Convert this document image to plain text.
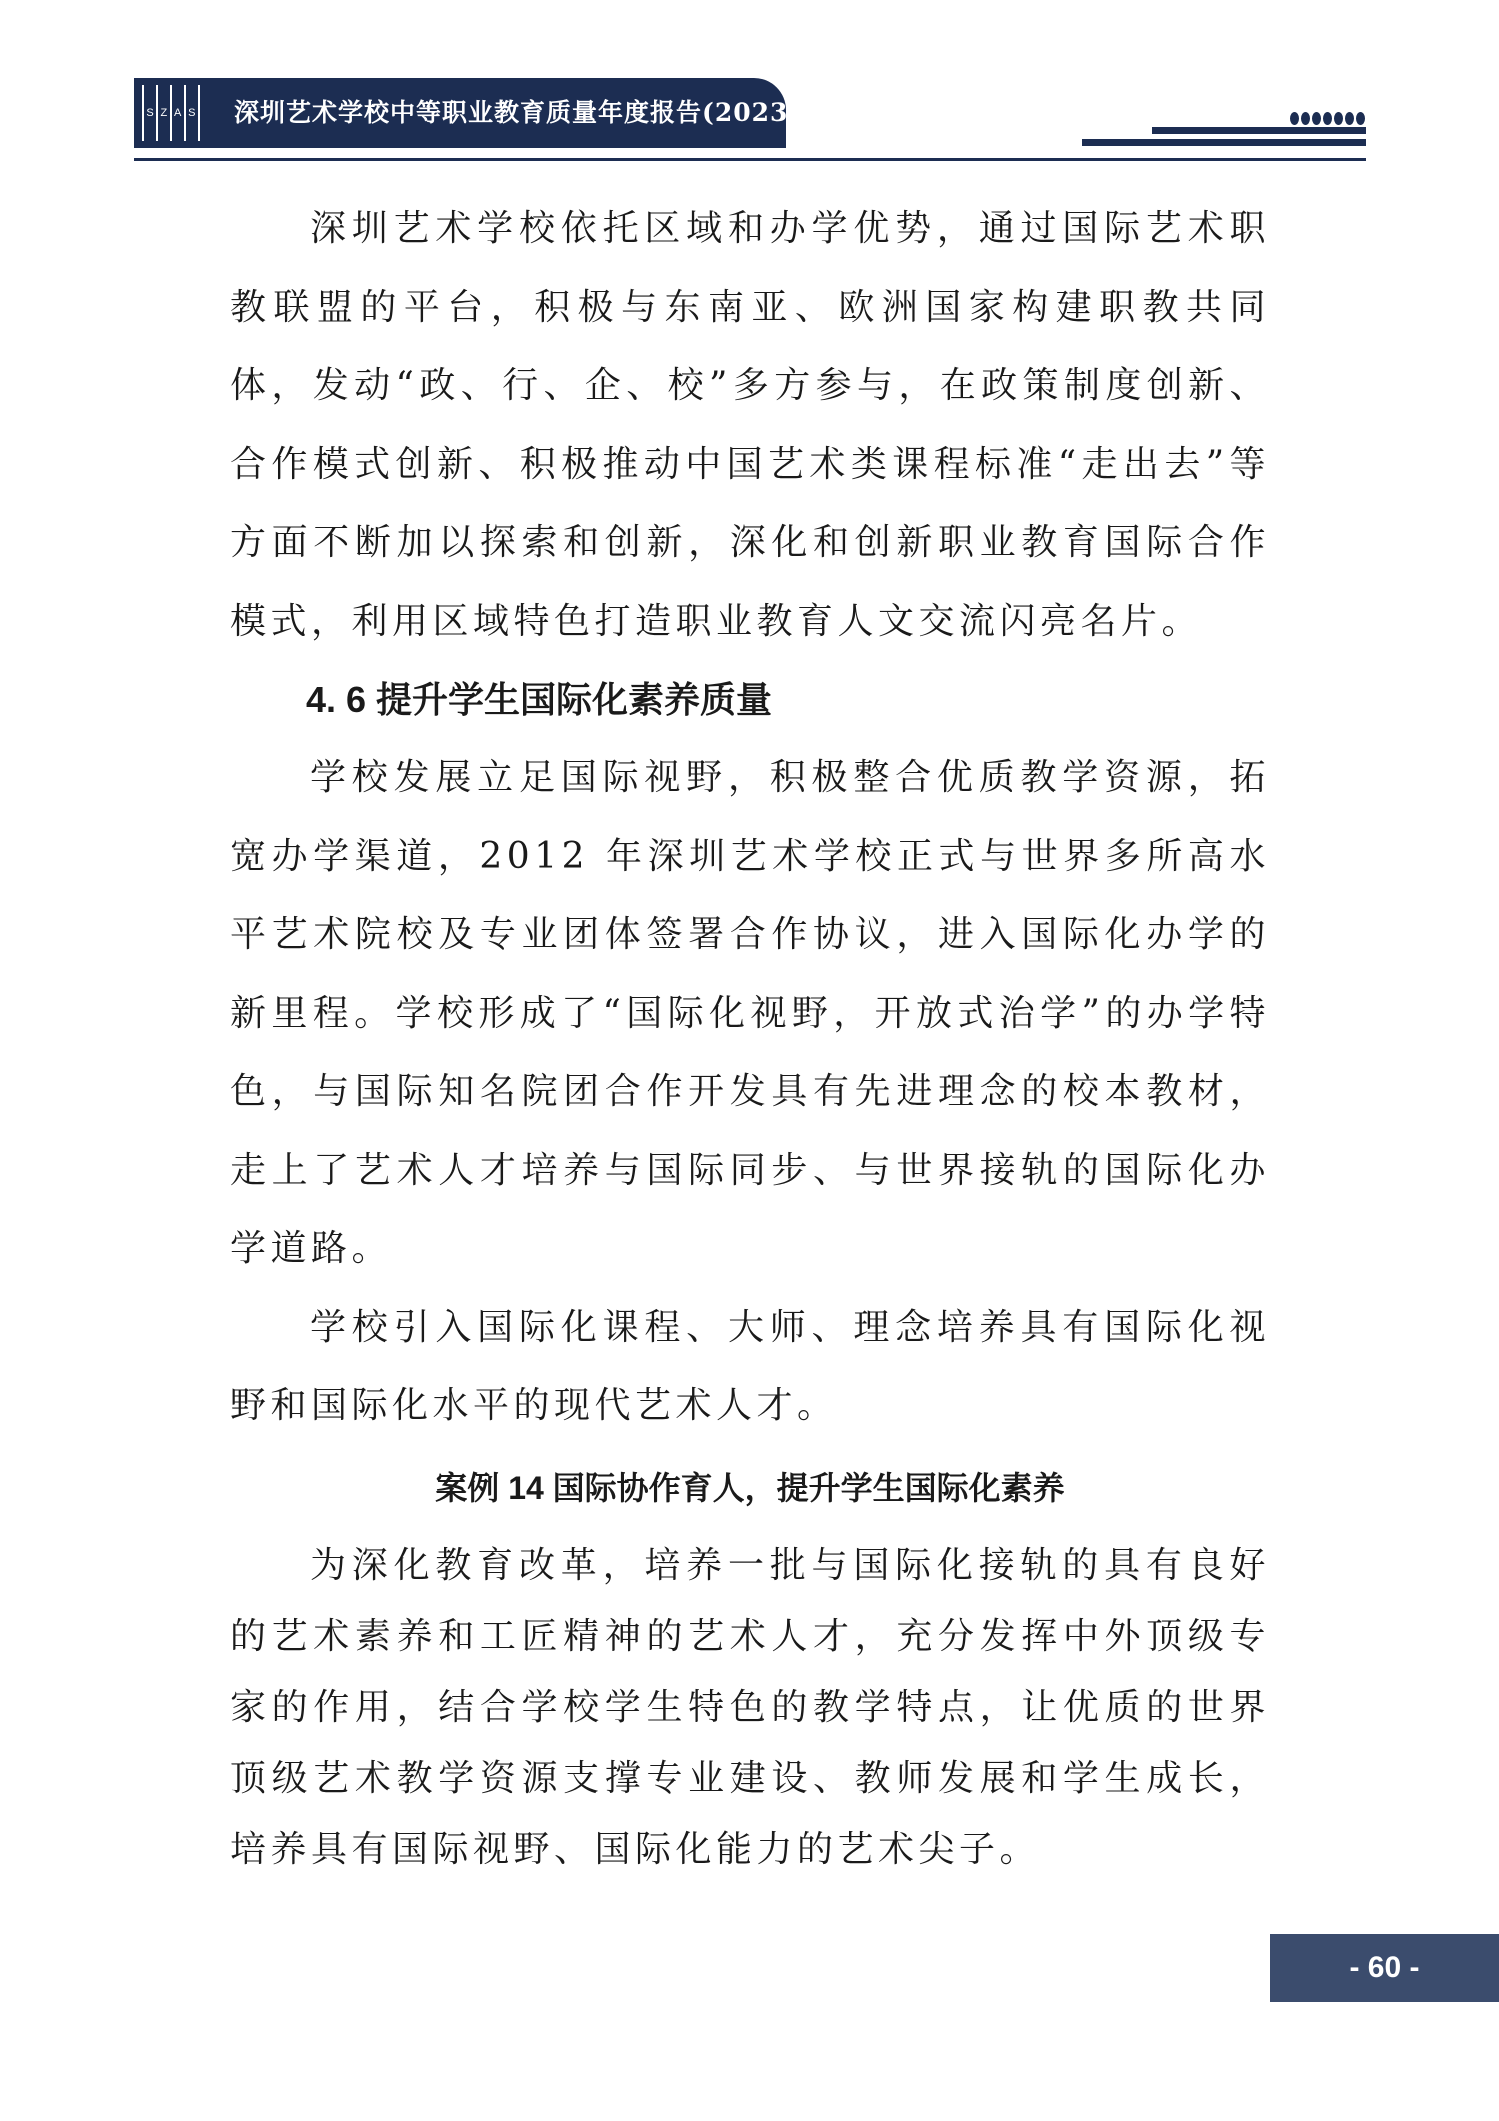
S Z A S 深圳艺术学校中等职业教育质量年度报告(2023)

深圳艺术学校依托区域和办学优势，通过国际艺术职教联盟的平台，积极与东南亚、欧洲国家构建职教共同体，发动“政、行、企、校”多方参与，在政策制度创新、合作模式创新、积极推动中国艺术类课程标准“走出去”等方面不断加以探索和创新，深化和创新职业教育国际合作模式，利用区域特色打造职业教育人文交流闪亮名片。

4. 6 提升学生国际化素养质量

学校发展立足国际视野，积极整合优质教学资源，拓宽办学渠道，2012 年深圳艺术学校正式与世界多所高水平艺术院校及专业团体签署合作协议，进入国际化办学的新里程。学校形成了“国际化视野，开放式治学”的办学特色，与国际知名院团合作开发具有先进理念的校本教材，走上了艺术人才培养与国际同步、与世界接轨的国际化办学道路。

学校引入国际化课程、大师、理念培养具有国际化视野和国际化水平的现代艺术人才。

案例 14 国际协作育人，提升学生国际化素养

为深化教育改革，培养一批与国际化接轨的具有良好的艺术素养和工匠精神的艺术人才，充分发挥中外顶级专家的作用，结合学校学生特色的教学特点，让优质的世界顶级艺术教学资源支撑专业建设、教师发展和学生成长，培养具有国际视野、国际化能力的艺术尖子。

- 60 -
